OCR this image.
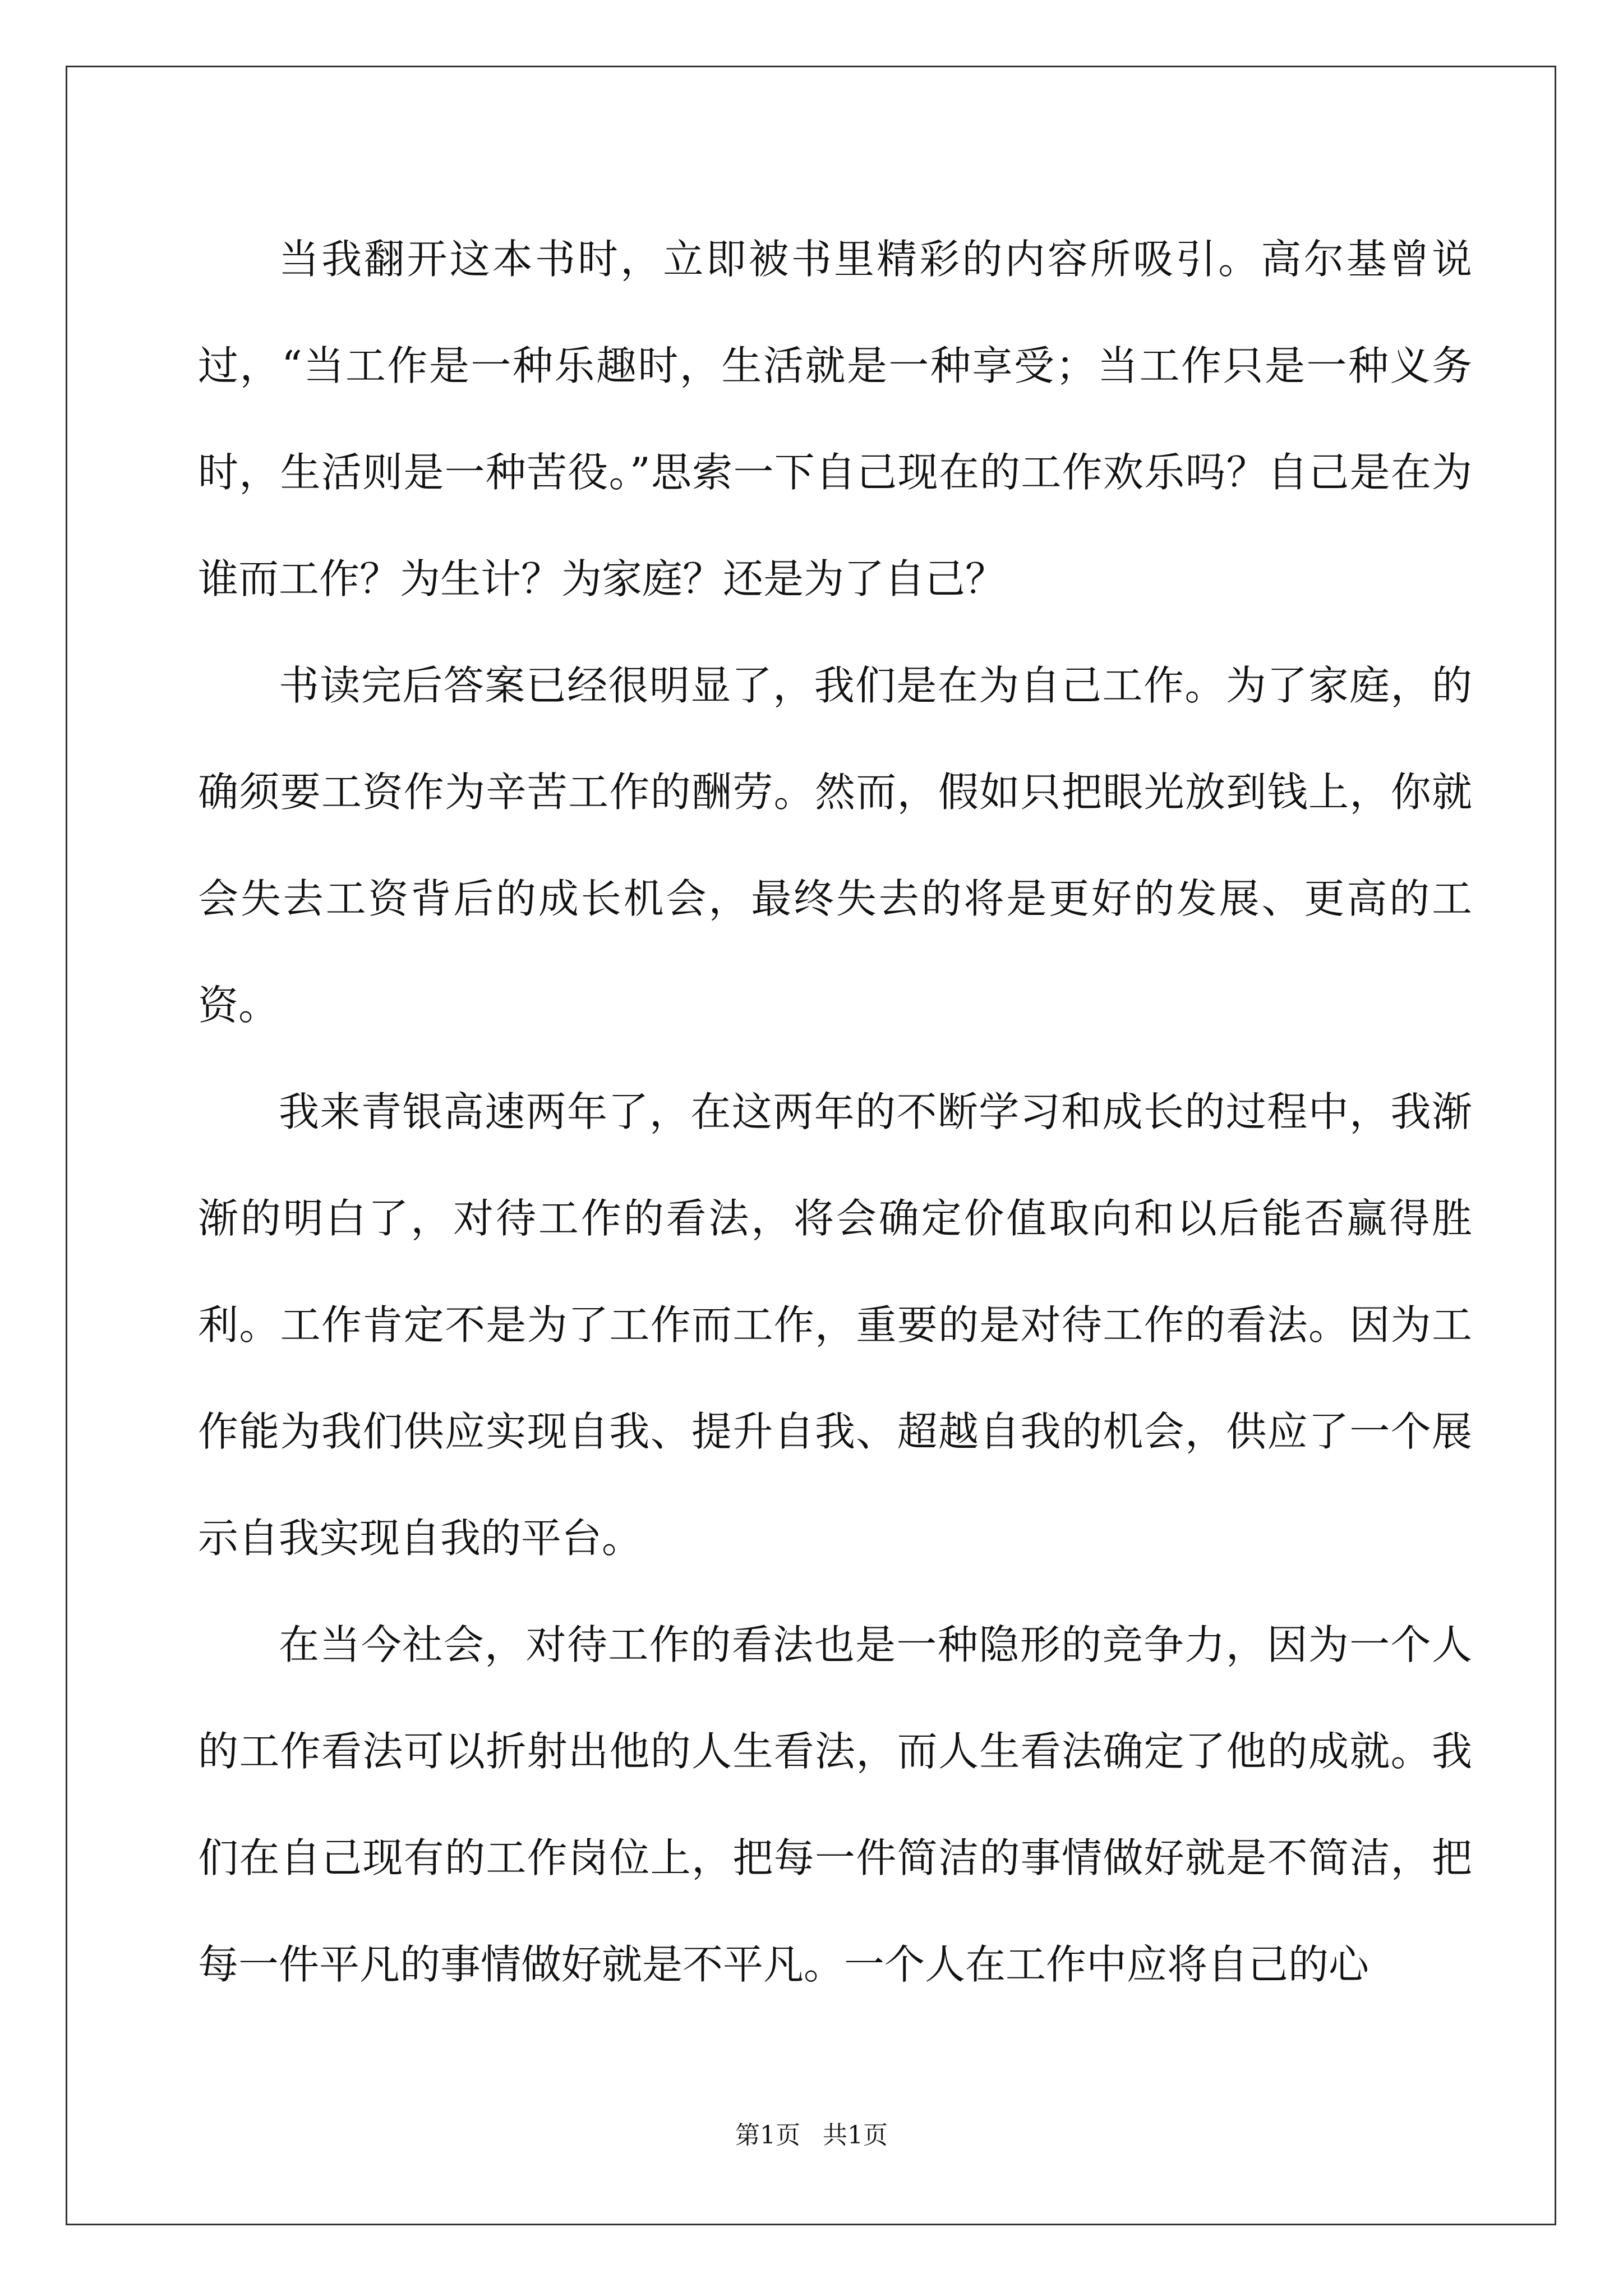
当我翻开这本书时，立即被书里精彩的内容所吸引。高尔基曾说过，“当工作是一种乐趣时，生活就是一种享受；当工作只是一种义务时，生活则是一种苦役。”思索一下自己现在的工作欢乐吗？自己是在为谁而工作？为生计？为家庭？还是为了自己？

书读完后答案已经很明显了，我们是在为自己工作。为了家庭，的确须要工资作为辛苦工作的酬劳。然而，假如只把眼光放到钱上，你就会失去工资背后的成长机会，最终失去的将是更好的发展、更高的工资。

我来青银高速两年了，在这两年的不断学习和成长的过程中，我渐渐的明白了，对待工作的看法，将会确定价值取向和以后能否赢得胜利。工作肯定不是为了工作而工作，重要的是对待工作的看法。因为工作能为我们供应实现自我、提升自我、超越自我的机会，供应了一个展示自我实现自我的平台。

在当今社会，对待工作的看法也是一种隐形的竞争力，因为一个人的工作看法可以折射出他的人生看法，而人生看法确定了他的成就。我们在自己现有的工作岗位上，把每一件简洁的事情做好就是不简洁，把每一件平凡的事情做好就是不平凡。一个人在工作中应将自己的心

第1页 共1页
